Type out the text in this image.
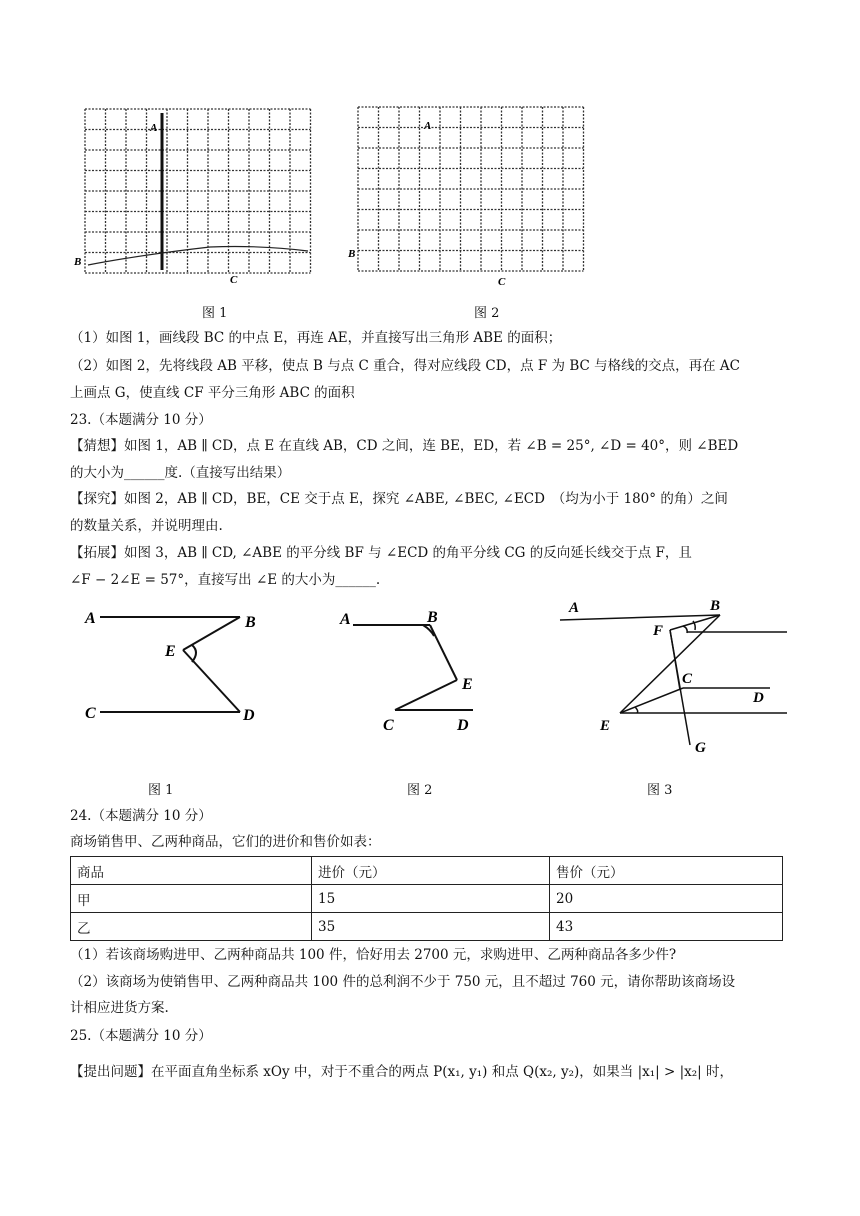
A
B
C
图 1
A
B
C
图 2
（1）如图 1，画线段 BC 的中点 E，再连 AE，并直接写出三角形 ABE 的面积；
（2）如图 2，先将线段 AB 平移，使点 B 与点 C 重合，得对应线段 CD，点 F 为 BC 与格线的交点，再在 AC
上画点 G，使直线 CF 平分三角形 ABC 的面积
23.（本题满分 10 分）
【猜想】如图 1，AB ∥ CD，点 E 在直线 AB，CD 之间，连 BE，ED，若 ∠B = 25°, ∠D = 40°，则 ∠BED
的大小为______度.（直接写出结果）
【探究】如图 2，AB ∥ CD，BE，CE 交于点 E，探究 ∠ABE, ∠BEC, ∠ECD　（均为小于 180° 的角）之间
的数量关系，并说明理由.
【拓展】如图 3，AB ∥ CD, ∠ABE 的平分线 BF 与 ∠ECD 的角平分线 CG 的反向延长线交于点 F，且
∠F − 2∠E = 57°，直接写出 ∠E 的大小为______.
A	B
E
C	D
图 1
A	B
E
C	D
图 2
A	B
F
C
D
E
G
图 3
24.（本题满分 10 分）
商场销售甲、乙两种商品，它们的进价和售价如表：
商品	进价（元）	售价（元）
甲	15	20
乙	35	43
（1）若该商场购进甲、乙两种商品共 100 件，恰好用去 2700 元，求购进甲、乙两种商品各多少件?
（2）该商场为使销售甲、乙两种商品共 100 件的总利润不少于 750 元，且不超过 760 元，请你帮助该商场设
计相应进货方案.
25.（本题满分 10 分）
【提出问题】在平面直角坐标系 xOy 中，对于不重合的两点 P(x₁, y₁) 和点 Q(x₂, y₂)，如果当 |x₁| > |x₂| 时，
